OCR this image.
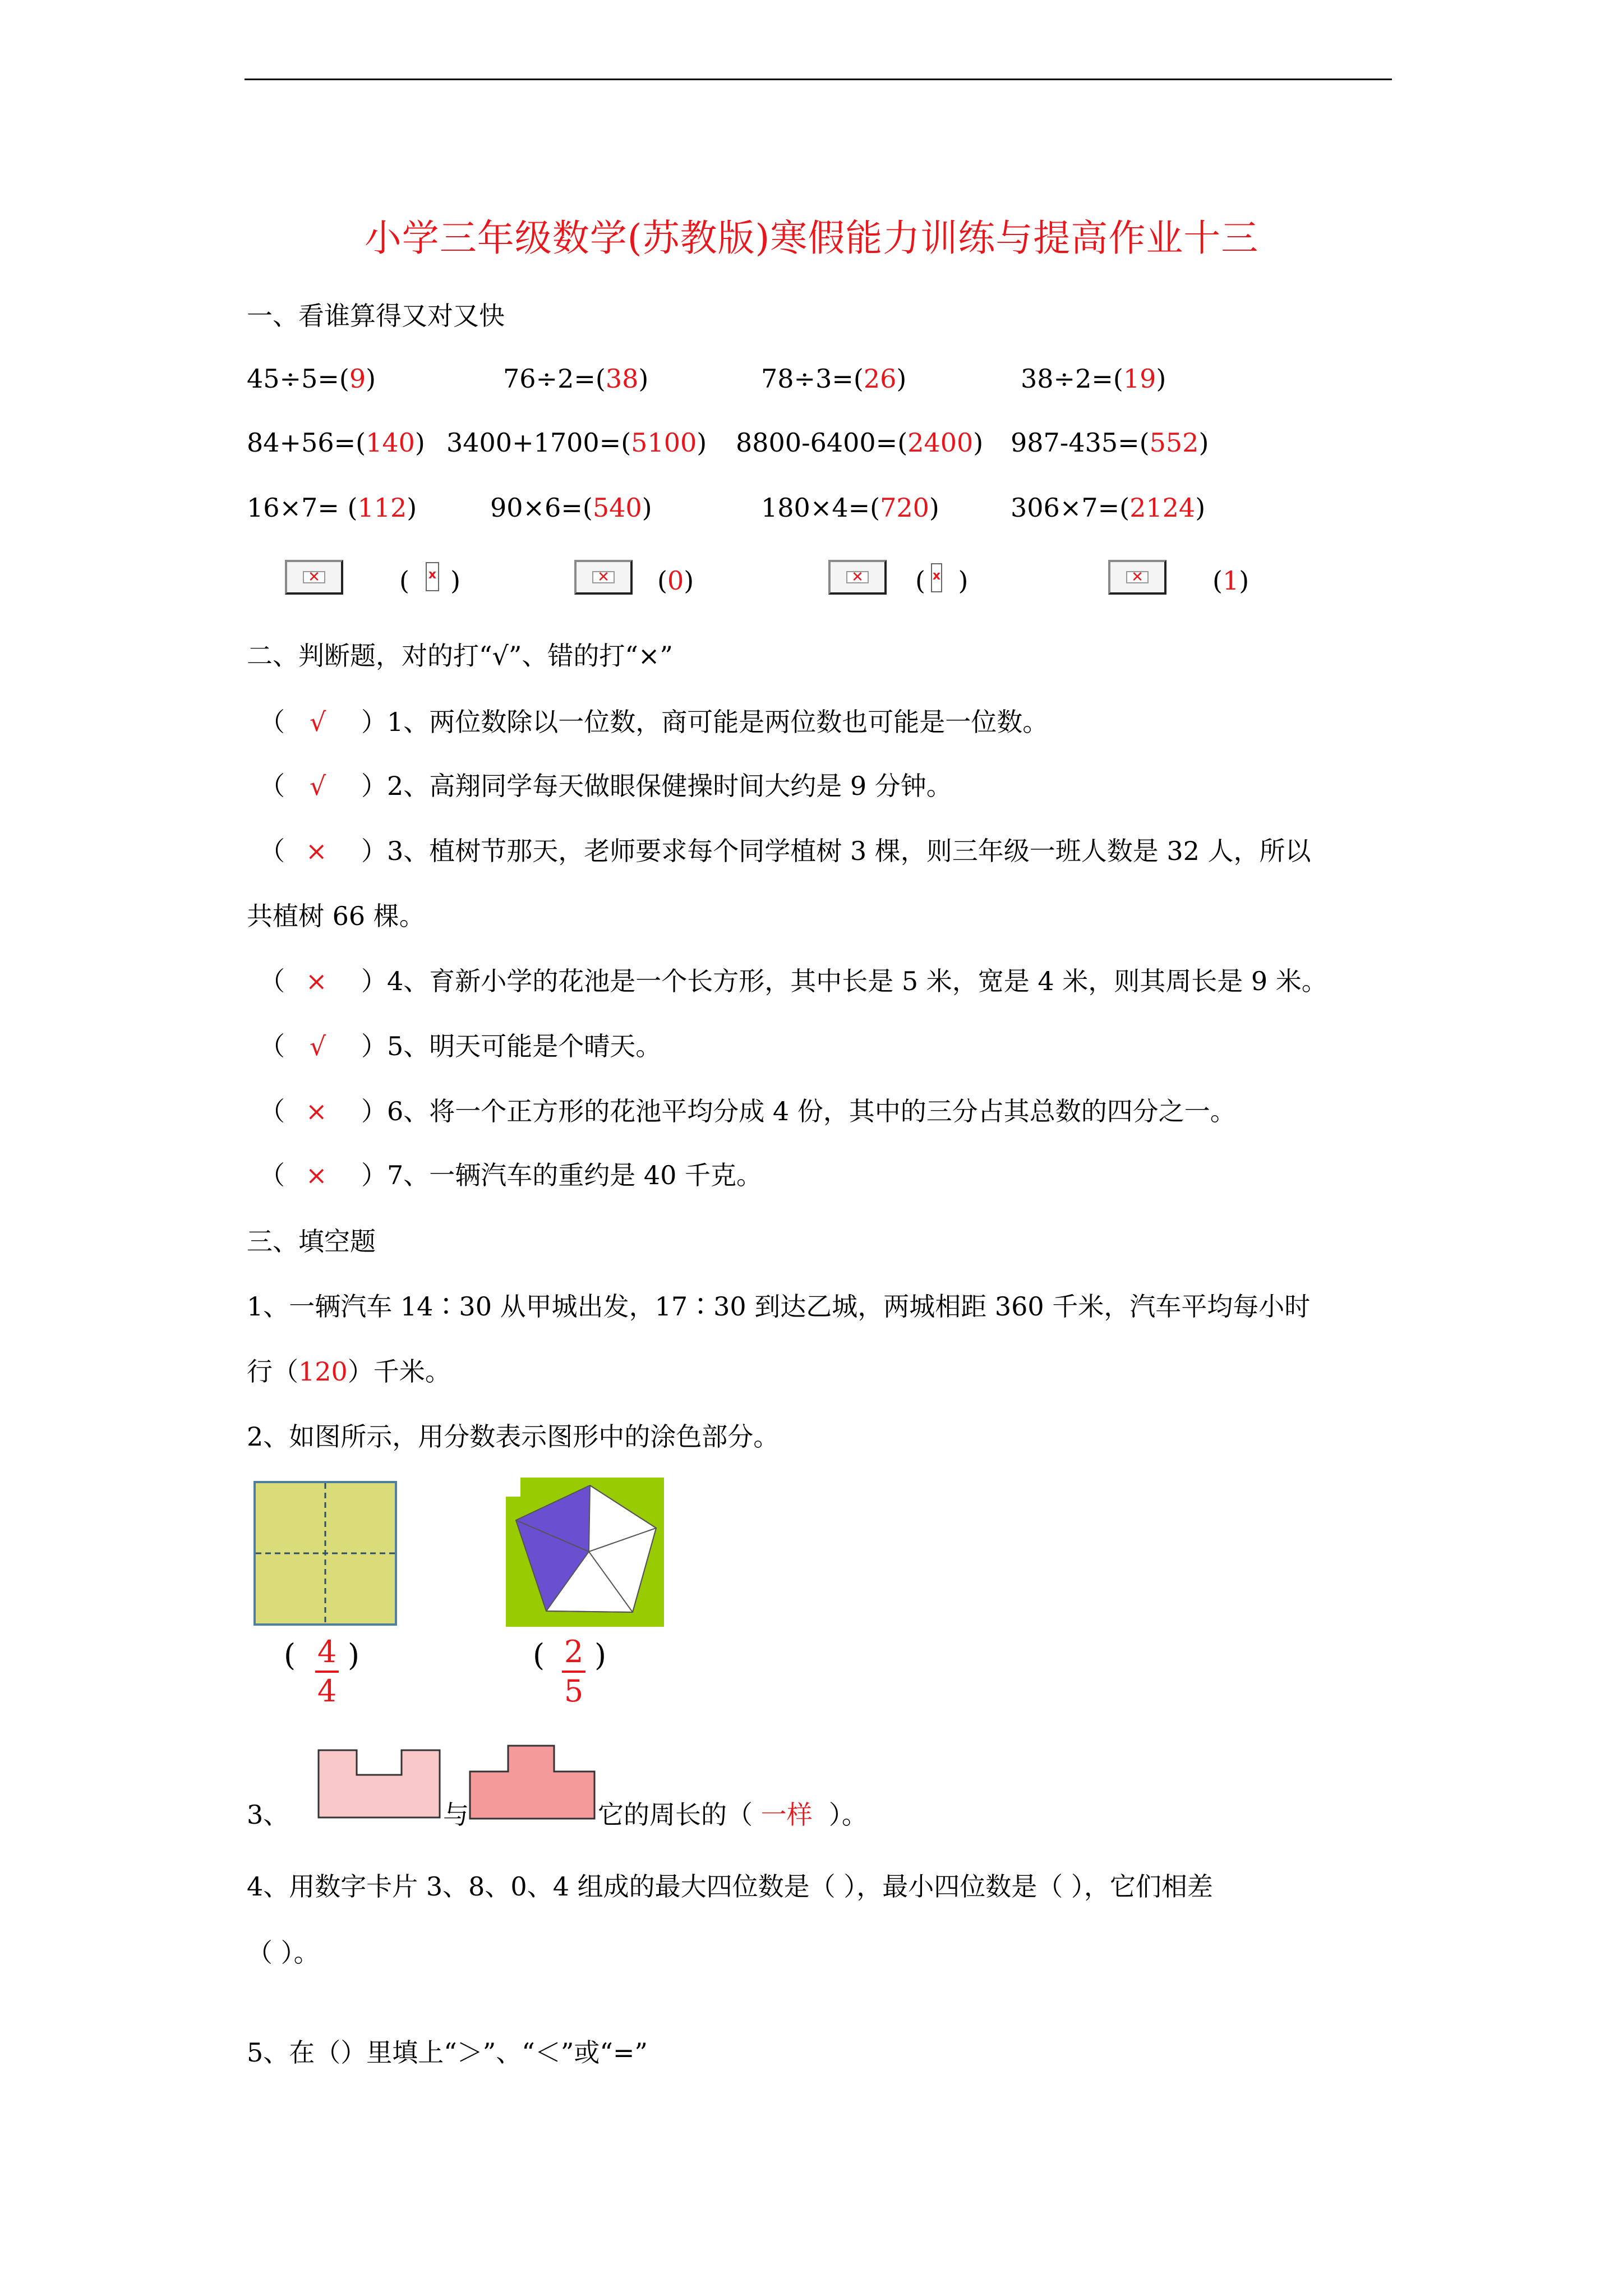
小学三年级数学(苏教版)寒假能力训练与提高作业十三
一、看谁算得又对又快
45÷5=(9)	76÷2=(38)	78÷3=(26)	38÷2=(19)
84+56=(140) 3400+1700=(5100) 8800-6400=(2400) 987-435=(552)
16×7= (112)	90×6=(540)	180×4=(720)	306×7=(2124)
✕
( ) x ✕	(0) ✕	( ) x ✕	(1)
二、判断题，对的打“√”、错的打“×”
（ √ ）1、两位数除以一位数，商可能是两位数也可能是一位数。
（ √ ）2、高翔同学每天做眼保健操时间大约是 9 分钟。
（ × ）3、植树节那天，老师要求每个同学植树 3 棵，则三年级一班人数是 32 人，所以
共植树 66 棵。
（ × ）4、育新小学的花池是一个长方形，其中长是 5 米，宽是 4 米，则其周长是 9 米。
（ √ ）5、明天可能是个晴天。
（ × ）6、将一个正方形的花池平均分成 4 份，其中的三分占其总数的四分之一。
（ × ）7、一辆汽车的重约是 40 千克。
三、填空题
1、一辆汽车 14∶30 从甲城出发，17∶30 到达乙城，两城相距 360 千米，汽车平均每小时
行（120）千米。
2、如图所示，用分数表示图形中的涂色部分。
( 4
4
)	( 2
5
)
3、	与	它的周长的（ 一样 ）。
4、用数字卡片 3、8、0、4 组成的最大四位数是（ ），最小四位数是（ ），它们相差
（ ）。
5、在（）里填上“＞”、“＜”或“=”
